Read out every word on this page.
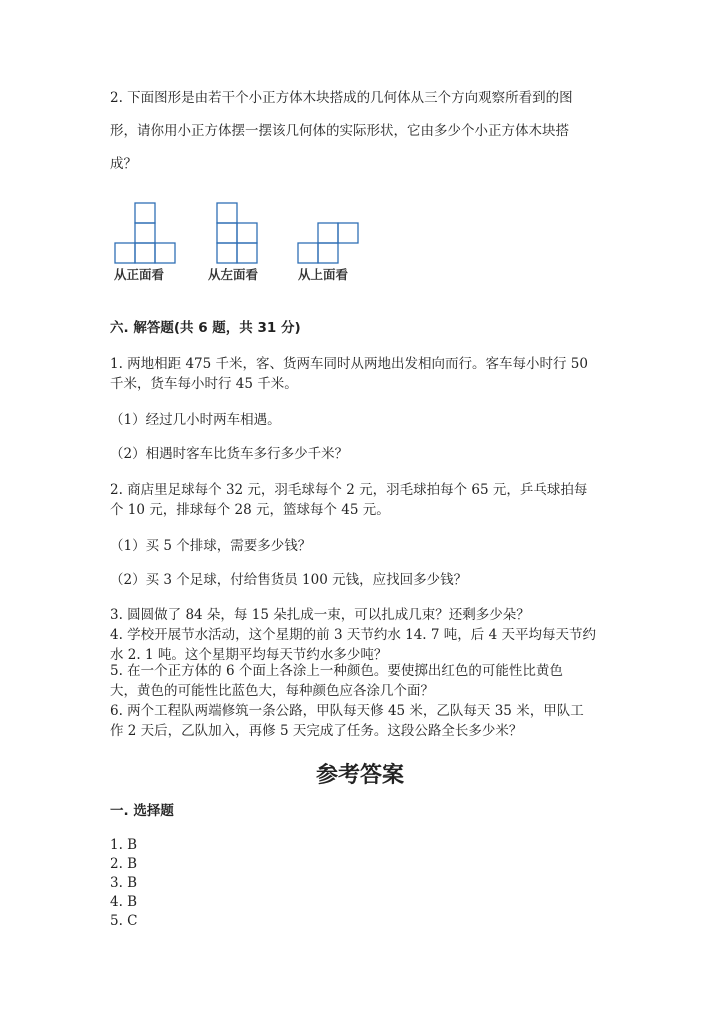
2. 下面图形是由若干个小正方体木块搭成的几何体从三个方向观察所看到的图
形，请你用小正方体摆一摆该几何体的实际形状，它由多少个小正方体木块搭
成？
从正面看	从左面看	从上面看
六. 解答题(共 6 题，共 31 分)
1. 两地相距 475 千米，客、货两车同时从两地出发相向而行。客车每小时行 50
千米，货车每小时行 45 千米。
（1）经过几小时两车相遇。
（2）相遇时客车比货车多行多少千米？
2. 商店里足球每个 32 元，羽毛球每个 2 元，羽毛球拍每个 65 元，乒乓球拍每
个 10 元，排球每个 28 元，篮球每个 45 元。
（1）买 5 个排球，需要多少钱？
（2）买 3 个足球，付给售货员 100 元钱，应找回多少钱？
3. 圆圆做了 84 朵，每 15 朵扎成一束，可以扎成几束？还剩多少朵？
4. 学校开展节水活动，这个星期的前 3 天节约水 14. 7 吨，后 4 天平均每天节约
水 2. 1 吨。这个星期平均每天节约水多少吨？
5. 在一个正方体的 6 个面上各涂上一种颜色。要使掷出红色的可能性比黄色
大，黄色的可能性比蓝色大，每种颜色应各涂几个面？
6. 两个工程队两端修筑一条公路，甲队每天修 45 米，乙队每天 35 米，甲队工
作 2 天后，乙队加入，再修 5 天完成了任务。这段公路全长多少米？
参考答案
一. 选择题
1. B
2. B
3. B
4. B
5. C
